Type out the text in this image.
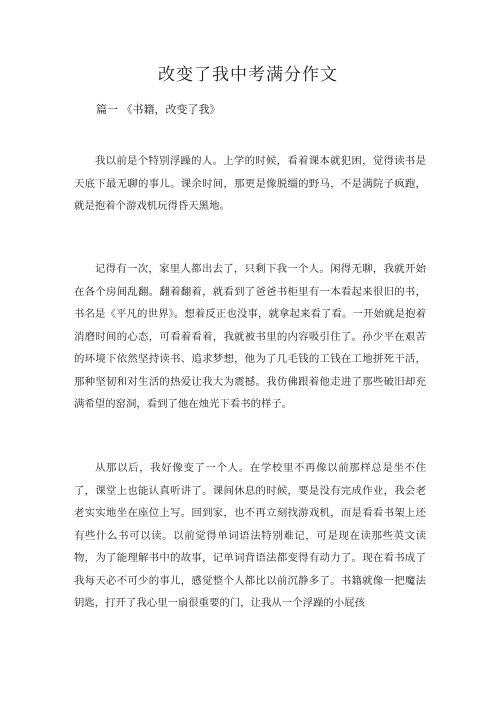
改变了我中考满分作文
篇一 《书籍，改变了我》

我以前是个特别浮躁的人。上学的时候，看着课本就犯困，觉得读书是天底下最无聊的事儿。课余时间，那更是像脱缰的野马，不是满院子疯跑，就是抱着个游戏机玩得昏天黑地。

记得有一次，家里人都出去了，只剩下我一个人。闲得无聊，我就开始在各个房间乱翻。翻着翻着，就看到了爸爸书柜里有一本看起来很旧的书，书名是《平凡的世界》。想着反正也没事，就拿起来看了看。一开始就是抱着消磨时间的心态，可看着看着，我就被书里的内容吸引住了。孙少平在艰苦的环境下依然坚持读书、追求梦想，他为了几毛钱的工钱在工地拼死干活，那种坚韧和对生活的热爱让我大为震撼。我仿佛跟着他走进了那些破旧却充满希望的窑洞，看到了他在烛光下看书的样子。

从那以后，我好像变了一个人。在学校里不再像以前那样总是坐不住了，课堂上也能认真听讲了。课间休息的时候，要是没有完成作业，我会老老实实地坐在座位上写。回到家，也不再立刻找游戏机，而是看看书架上还有些什么书可以读。以前觉得单词语法特别难记，可是现在读那些英文读物，为了能理解书中的故事，记单词背语法都变得有动力了。现在看书成了我每天必不可少的事儿，感觉整个人都比以前沉静多了。书籍就像一把魔法钥匙，打开了我心里一扇很重要的门，让我从一个浮躁的小屁孩
